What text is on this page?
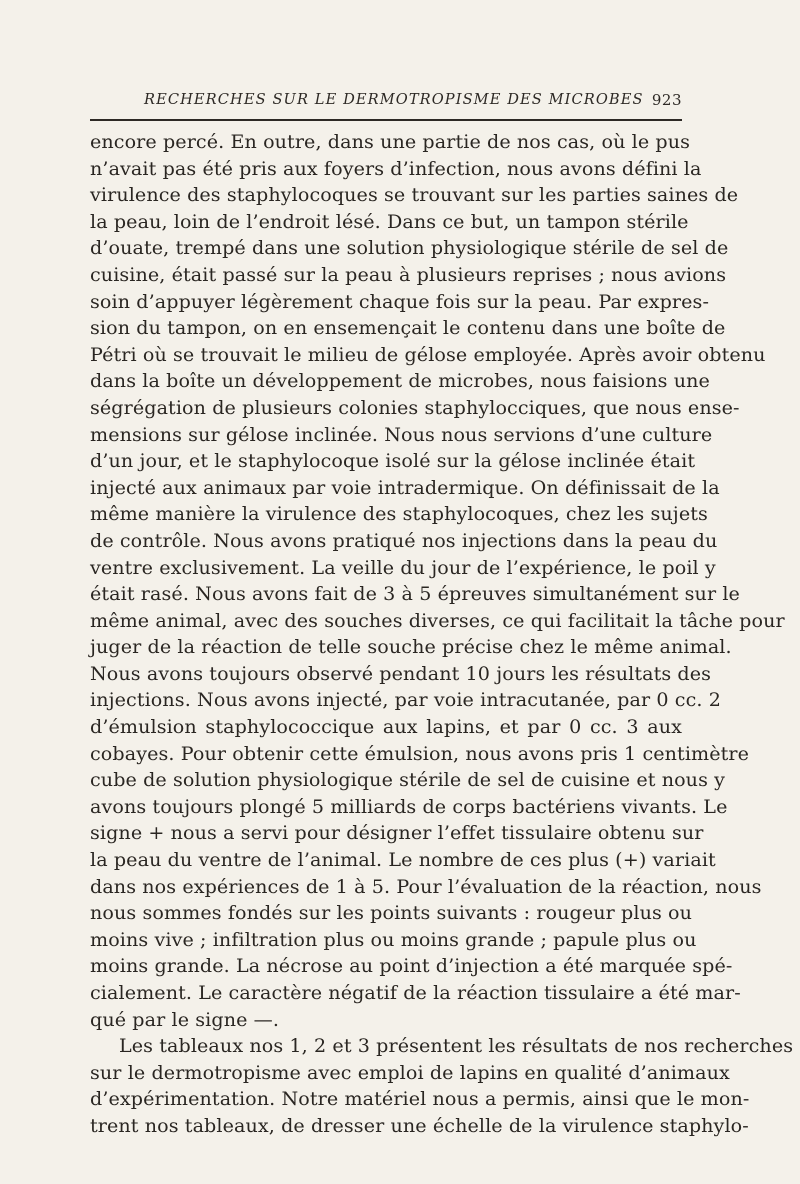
RECHERCHES SUR LE DERMOTROPISME DES MICROBES 923
encore percé. En outre, dans une partie de nos cas, où le pus
n’avait pas été pris aux foyers d’infection, nous avons défini la
virulence des staphylocoques se trouvant sur les parties saines de
la peau, loin de l’endroit lésé. Dans ce but, un tampon stérile
d’ouate, trempé dans une solution physiologique stérile de sel de
cuisine, était passé sur la peau à plusieurs reprises ; nous avions
soin d’appuyer légèrement chaque fois sur la peau. Par expres-
sion du tampon, on en ensemençait le contenu dans une boîte de
Pétri où se trouvait le milieu de gélose employée. Après avoir obtenu
dans la boîte un développement de microbes, nous faisions une
ségrégation de plusieurs colonies staphylocciques, que nous ense-
mensions sur gélose inclinée. Nous nous servions d’une culture
d’un jour, et le staphylocoque isolé sur la gélose inclinée était
injecté aux animaux par voie intradermique. On définissait de la
même manière la virulence des staphylocoques, chez les sujets
de contrôle. Nous avons pratiqué nos injections dans la peau du
ventre exclusivement. La veille du jour de l’expérience, le poil y
était rasé. Nous avons fait de 3 à 5 épreuves simultanément sur le
même animal, avec des souches diverses, ce qui facilitait la tâche pour
juger de la réaction de telle souche précise chez le même animal.
Nous avons toujours observé pendant 10 jours les résultats des
injections. Nous avons injecté, par voie intracutanée, par 0 cc. 2
d’émulsion staphylococcique aux lapins, et par 0 cc. 3 aux
cobayes. Pour obtenir cette émulsion, nous avons pris 1 centimètre
cube de solution physiologique stérile de sel de cuisine et nous y
avons toujours plongé 5 milliards de corps bactériens vivants. Le
signe + nous a servi pour désigner l’effet tissulaire obtenu sur
la peau du ventre de l’animal. Le nombre de ces plus (+) variait
dans nos expériences de 1 à 5. Pour l’évaluation de la réaction, nous
nous sommes fondés sur les points suivants : rougeur plus ou
moins vive ; infiltration plus ou moins grande ; papule plus ou
moins grande. La nécrose au point d’injection a été marquée spé-
cialement. Le caractère négatif de la réaction tissulaire a été mar-
qué par le signe —.
Les tableaux nos 1, 2 et 3 présentent les résultats de nos recherches
sur le dermotropisme avec emploi de lapins en qualité d’animaux
d’expérimentation. Notre matériel nous a permis, ainsi que le mon-
trent nos tableaux, de dresser une échelle de la virulence staphylo-
